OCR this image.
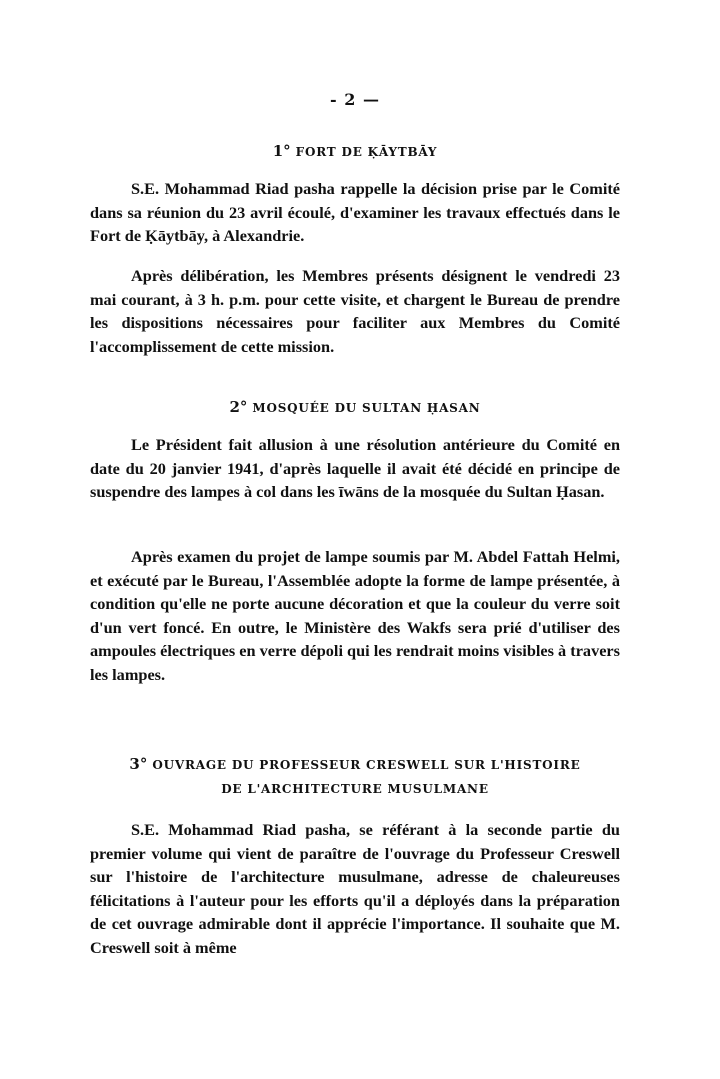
- 2 —
1° FORT DE ḲĀYTBĀY

S.E. Mohammad Riad pasha rappelle la décision prise par le Comité dans sa réunion du 23 avril écoulé, d'examiner les travaux effectués dans le Fort de Ḳāytbāy, à Alexandrie.

Après délibération, les Membres présents désignent le vendredi 23 mai courant, à 3 h. p.m. pour cette visite, et chargent le Bureau de prendre les dispositions nécessaires pour faciliter aux Membres du Comité l'accomplissement de cette mission.

2° MOSQUÉE DU SULTAN ḤASAN

Le Président fait allusion à une résolution antérieure du Comité en date du 20 janvier 1941, d'après laquelle il avait été décidé en principe de suspendre des lampes à col dans les īwāns de la mosquée du Sultan Ḥasan.

Après examen du projet de lampe soumis par M. Abdel Fattah Helmi, et exécuté par le Bureau, l'Assemblée adopte la forme de lampe présentée, à condition qu'elle ne porte aucune décoration et que la couleur du verre soit d'un vert foncé. En outre, le Ministère des Wakfs sera prié d'utiliser des ampoules électriques en verre dépoli qui les rendrait moins visibles à travers les lampes.

3° OUVRAGE DU PROFESSEUR CRESWELL SUR L'HISTOIRE
DE L'ARCHITECTURE MUSULMANE

S.E. Mohammad Riad pasha, se référant à la seconde partie du premier volume qui vient de paraître de l'ouvrage du Professeur Creswell sur l'histoire de l'architecture musulmane, adresse de chaleureuses félicitations à l'auteur pour les efforts qu'il a déployés dans la préparation de cet ouvrage admirable dont il apprécie l'importance. Il souhaite que M. Creswell soit à même
